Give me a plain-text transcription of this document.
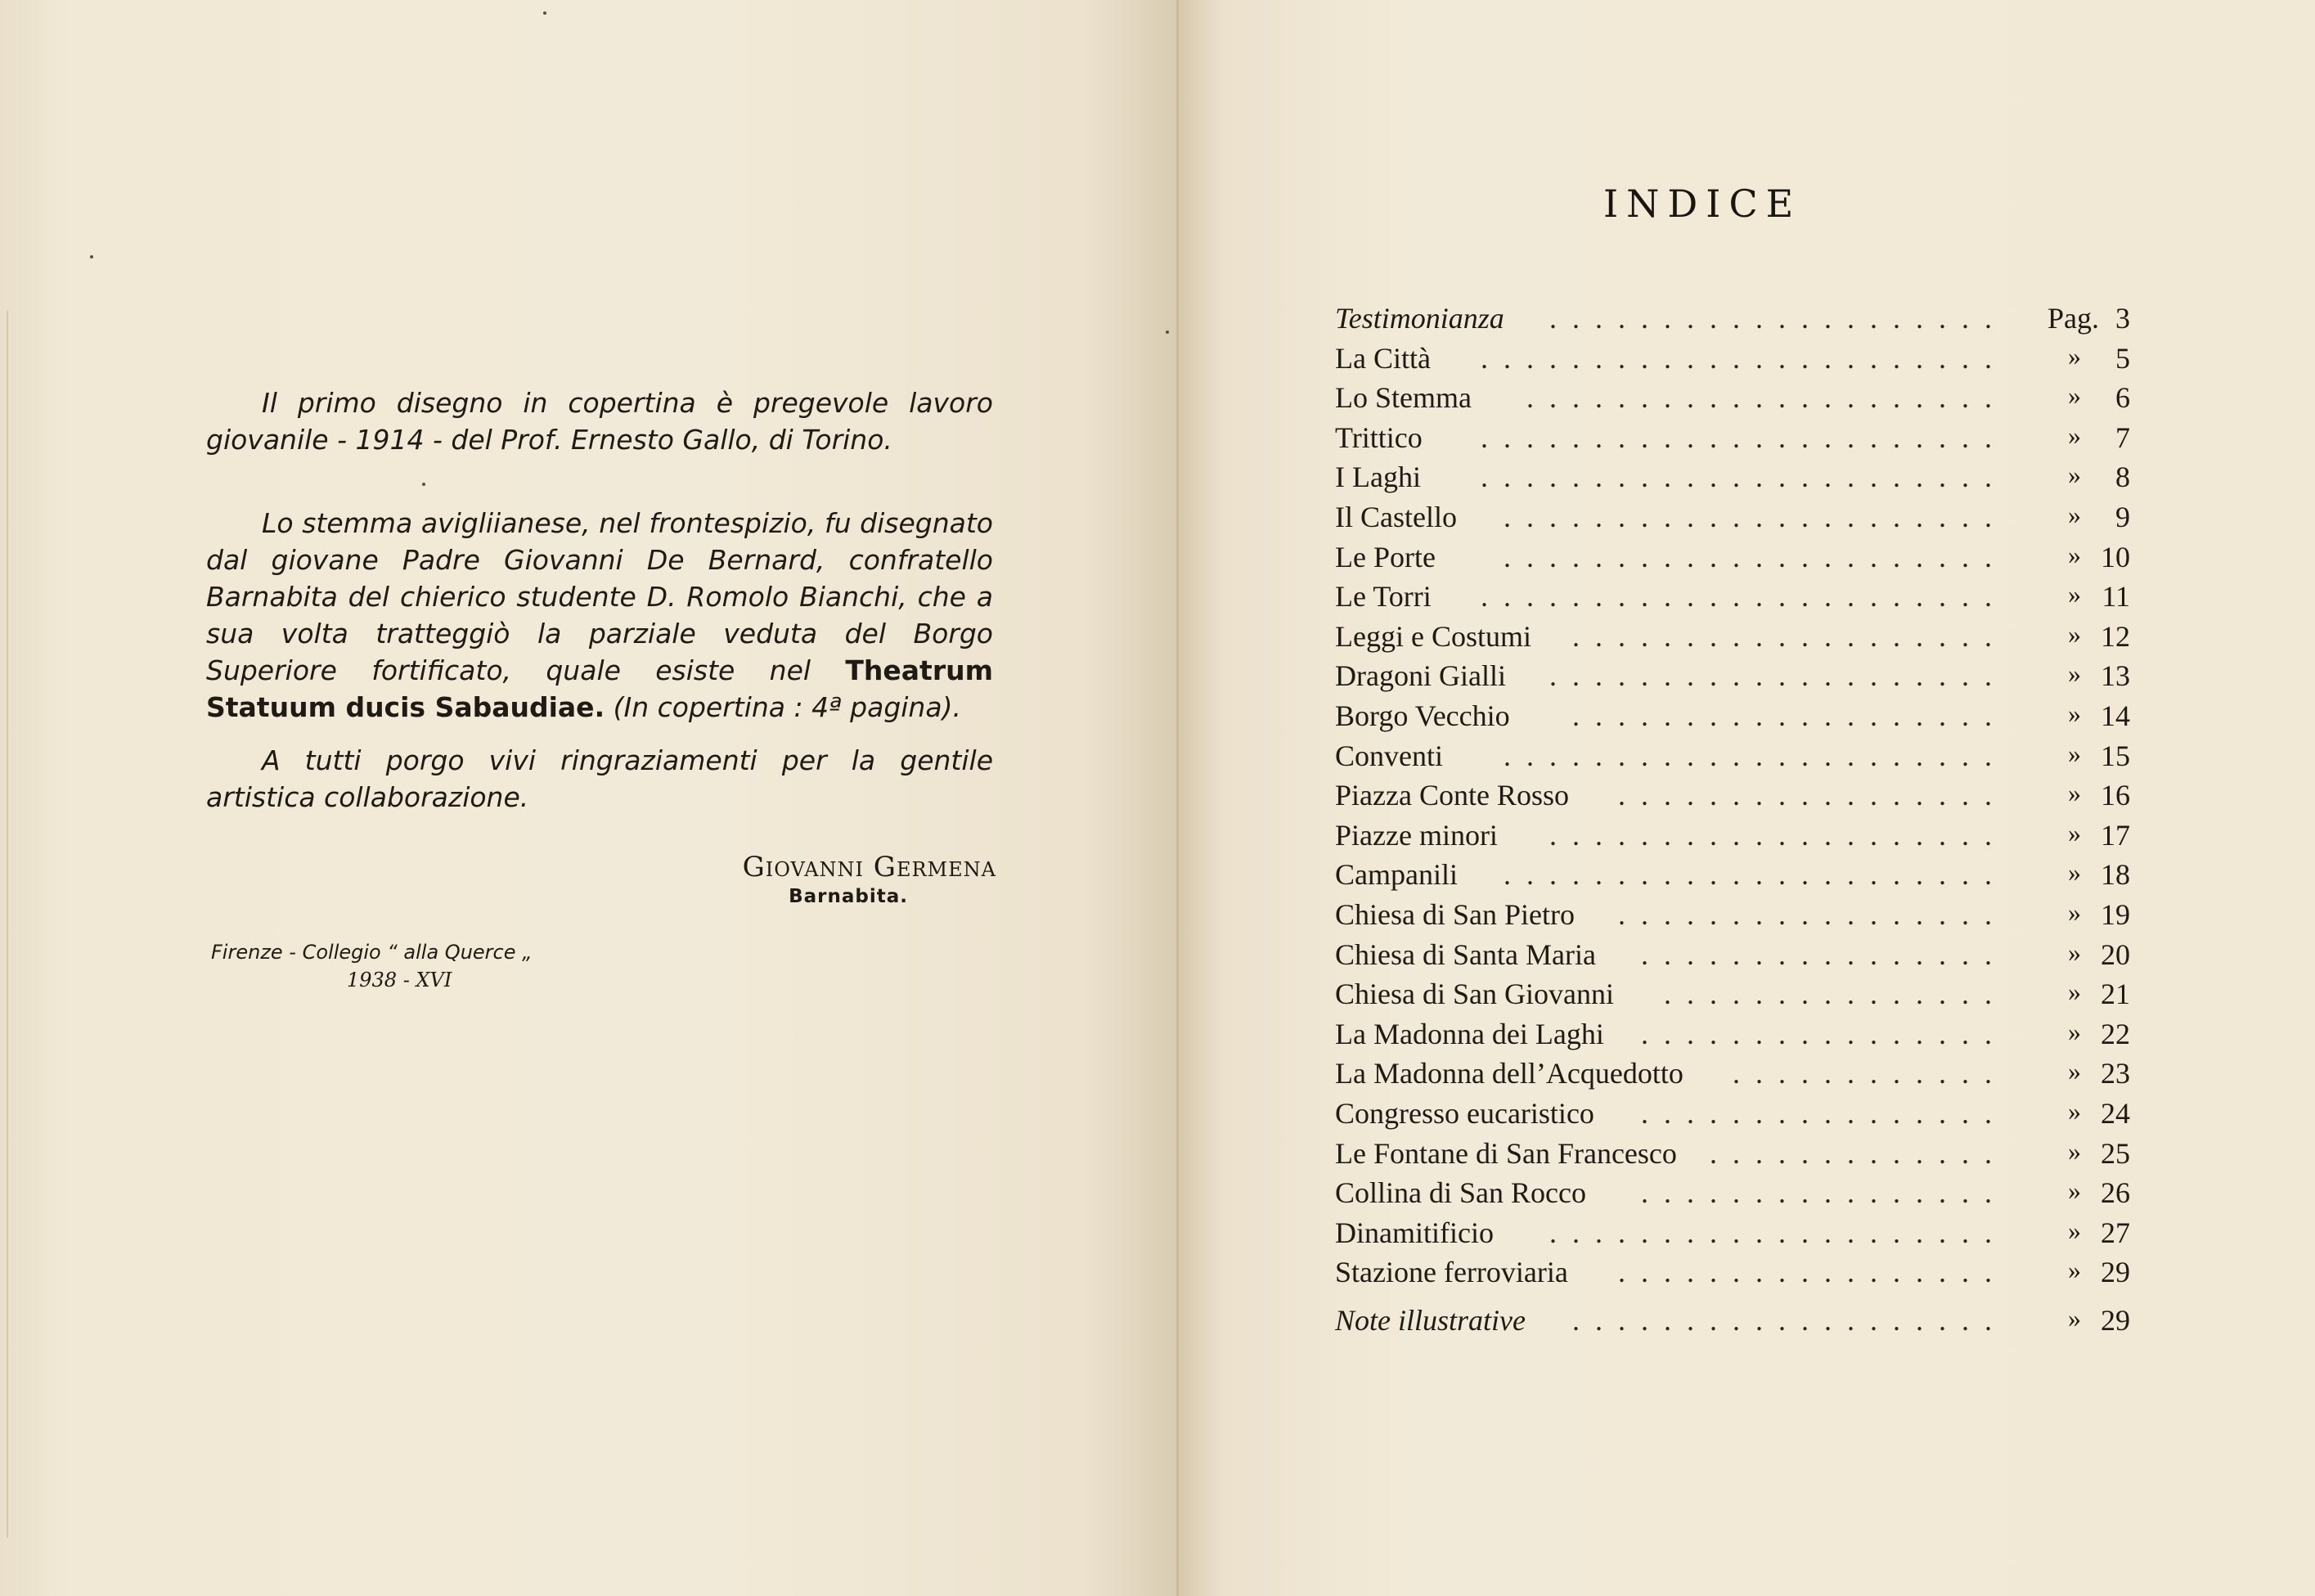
Il primo disegno in copertina è pregevole lavoro giovanile - 1914 - del Prof. Ernesto Gallo, di Torino.

Lo stemma avigliianese, nel frontespizio, fu disegnato dal giovane Padre Giovanni De Bernard, confratello Barnabita del chierico studente D. Romolo Bianchi, che a sua volta tratteggiò la parziale veduta del Borgo Superiore fortificato, quale esiste nel Theatrum Statuum ducis Sabaudiae. (In copertina : 4ª pagina).

A tutti porgo vivi ringraziamenti per la gentile artistica collaborazione.

Giovanni Germena
Barnabita.
Firenze - Collegio “ alla Querce „
1938 - XVI
INDICE
Testimonianza .................... Pag. 3
La Città ....................... »	5
Lo Stemma ..................... »	6
Trittico ....................... »	7
I Laghi ....................... »	8
Il Castello ...................... »	9
Le Porte ...................... » 10
Le Torri ....................... » 11
Leggi e Costumi ................... » 12
Dragoni Gialli .................... » 13
Borgo Vecchio ................... » 14
Conventi ...................... » 15
Piazza Conte Rosso ................. » 16
Piazze minori .................... » 17
Campanili ...................... » 18
Chiesa di San Pietro ................. » 19
Chiesa di Santa Maria ................ » 20
Chiesa di San Giovanni ............... » 21
La Madonna dei Laghi ................ » 22
La Madonna dell’Acquedotto ............ » 23
Congresso eucaristico ................ » 24
Le Fontane di San Francesco ............. » 25
Collina di San Rocco ................ » 26
Dinamitificio .................... » 27
Stazione ferroviaria ................. » 29
Note illustrative ................... » 29
